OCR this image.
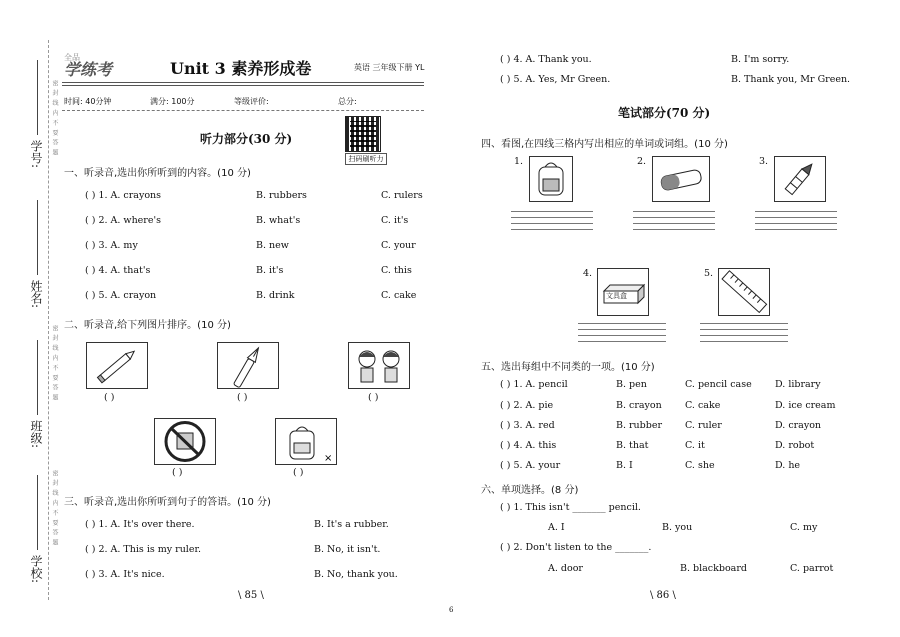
学号:
姓名:
班级:
学校:
密 封 线 内 不 要 答 题
密 封 线 内 不 要 答 题
密 封 线 内 不 要 答 题
全品
学练考	Unit 3 素养形成卷	英语 三年级下册 YL
时间: 40分钟	满分: 100分	等级评价:	总分:
扫码刷听力
听力部分(30 分)
一、听录音,选出你所听到的内容。(10 分)
( ) 1. A. crayons	B. rubbers	C. rulers
( ) 2. A. where's	B. what's	C. it's
( ) 3. A. my	B. new	C. your
( ) 4. A. that's	B. it's	C. this
( ) 5. A. crayon	B. drink	C. cake
二、听录音,给下列图片排序。(10 分)
( )	( )	( )
( )
×
( )
三、听录音,选出你所听到句子的答语。(10 分)
( ) 1. A. It's over there.	B. It's a rubber.
( ) 2. A. This is my ruler.	B. No, it isn't.
( ) 3. A. It's nice.	B. No, thank you.
\ 85 \
6
( ) 4. A. Thank you.	B. I'm sorry.
( ) 5. A. Yes, Mr Green.	B. Thank you, Mr Green.
笔试部分(70 分)
四、看图,在四线三格内写出相应的单词或词组。(10 分)
1.	2.	3.
4.
文具盒
5.
五、选出每组中不同类的一项。(10 分)
( ) 1. A. pencil	B. pen	C. pencil case D. library
( ) 2. A. pie	B. crayon C. cake	D. ice cream
( ) 3. A. red	B. rubber C. ruler	D. crayon
( ) 4. A. this	B. that	C. it	D. robot
( ) 5. A. your	B. I	C. she	D. he
六、单项选择。(8 分)
( ) 1. This isn't _______ pencil.
A. I	B. you	C. my
( ) 2. Don't listen to the _______.
A. door	B. blackboard	C. parrot
\ 86 \
